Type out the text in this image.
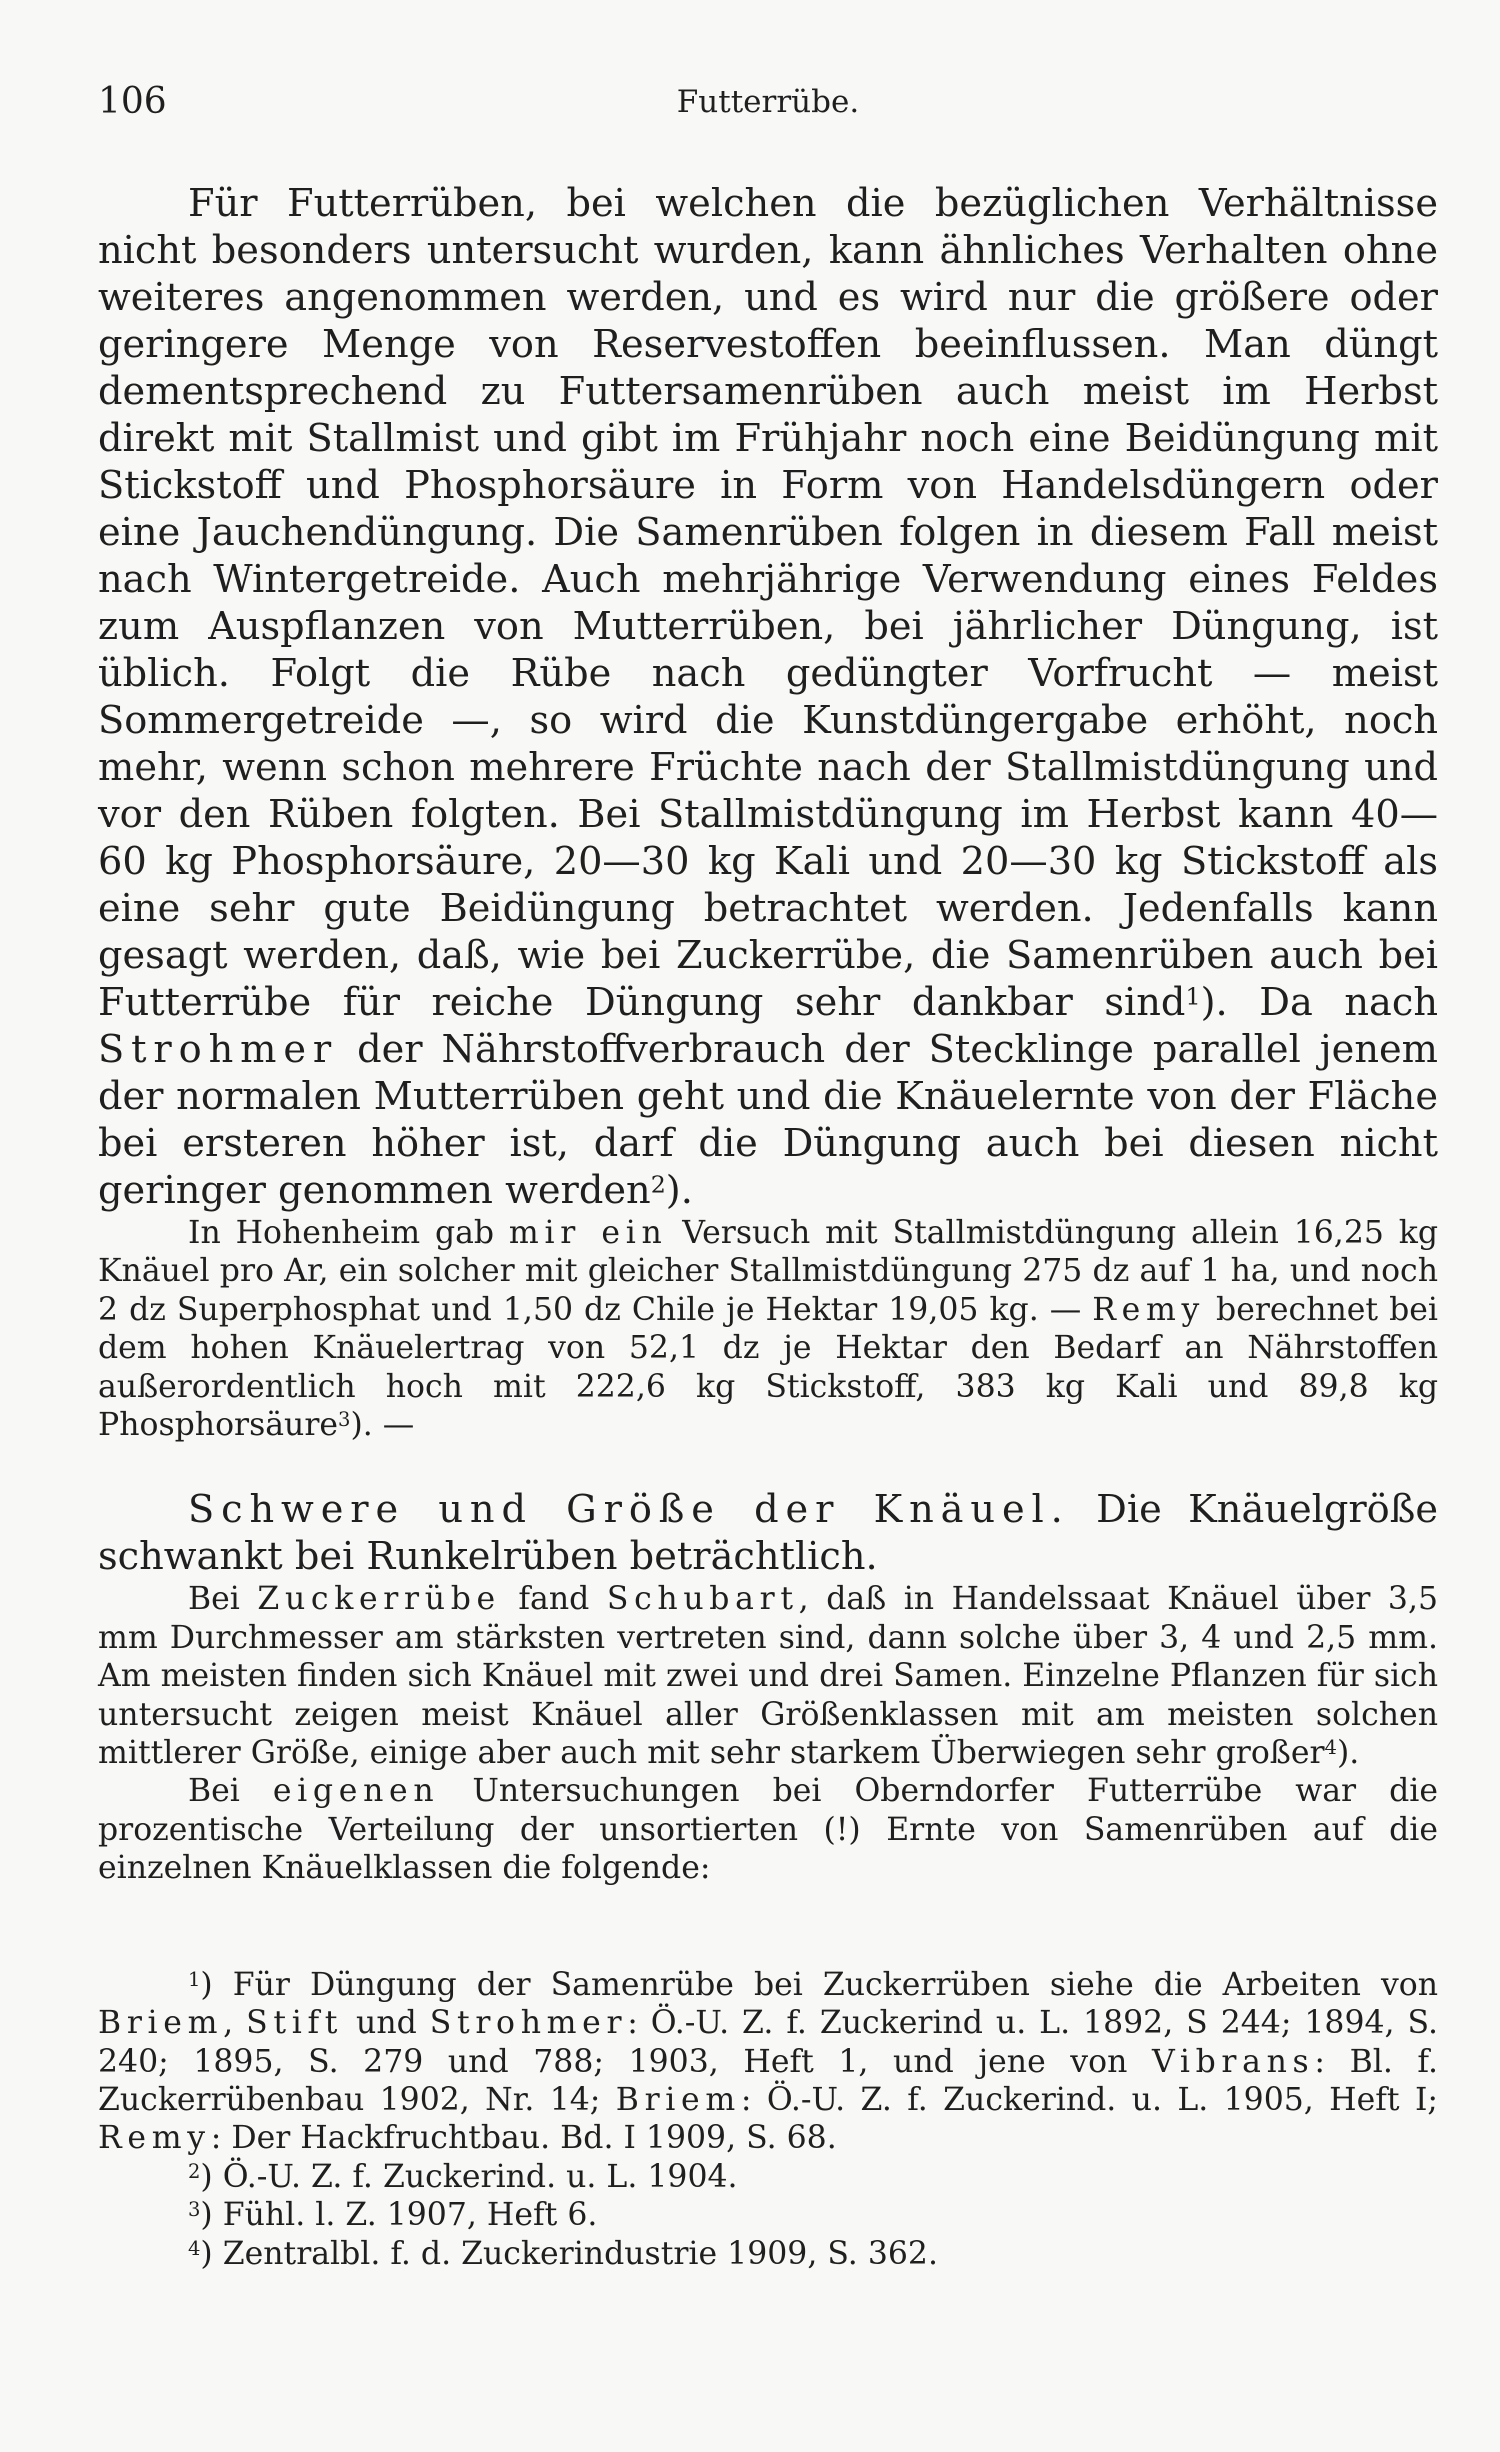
106	Futterrübe.

Für Futterrüben, bei welchen die bezüglichen Verhältnisse nicht besonders untersucht wurden, kann ähnliches Verhalten ohne weiteres angenommen werden, und es wird nur die größere oder geringere Menge von Reservestoffen beeinflussen. Man düngt dementsprechend zu Futtersamenrüben auch meist im Herbst direkt mit Stallmist und gibt im Frühjahr noch eine Beidüngung mit Stickstoff und Phosphorsäure in Form von Handelsdüngern oder eine Jauchendüngung. Die Samenrüben folgen in diesem Fall meist nach Wintergetreide. Auch mehrjährige Verwendung eines Feldes zum Auspflanzen von Mutterrüben, bei jährlicher Düngung, ist üblich. Folgt die Rübe nach gedüngter Vorfrucht — meist Sommergetreide —, so wird die Kunstdüngergabe erhöht, noch mehr, wenn schon mehrere Früchte nach der Stallmistdüngung und vor den Rüben folgten. Bei Stallmistdüngung im Herbst kann 40—60 kg Phosphorsäure, 20—30 kg Kali und 20—30 kg Stickstoff als eine sehr gute Beidüngung betrachtet werden. Jedenfalls kann gesagt werden, daß, wie bei Zuckerrübe, die Samenrüben auch bei Futterrübe für reiche Düngung sehr dankbar sind$^1$). Da nach Strohmer der Nährstoffverbrauch der Stecklinge parallel jenem der normalen Mutterrüben geht und die Knäuelernte von der Fläche bei ersteren höher ist, darf die Düngung auch bei diesen nicht geringer genommen werden$^2$).

In Hohenheim gab mir ein Versuch mit Stallmistdüngung allein 16,25 kg Knäuel pro Ar, ein solcher mit gleicher Stallmistdüngung 275 dz auf 1 ha, und noch 2 dz Superphosphat und 1,50 dz Chile je Hektar 19,05 kg. — Remy berechnet bei dem hohen Knäuelertrag von 52,1 dz je Hektar den Bedarf an Nährstoffen außerordentlich hoch mit 222,6 kg Stickstoff, 383 kg Kali und 89,8 kg Phosphorsäure$^3$). —

Schwere und Größe der Knäuel. Die Knäuelgröße schwankt bei Runkelrüben beträchtlich.

Bei Zuckerrübe fand Schubart, daß in Handelssaat Knäuel über 3,5 mm Durchmesser am stärksten vertreten sind, dann solche über 3, 4 und 2,5 mm. Am meisten finden sich Knäuel mit zwei und drei Samen. Einzelne Pflanzen für sich untersucht zeigen meist Knäuel aller Größenklassen mit am meisten solchen mittlerer Größe, einige aber auch mit sehr starkem Überwiegen sehr großer$^4$).

Bei eigenen Untersuchungen bei Oberndorfer Futterrübe war die prozentische Verteilung der unsortierten (!) Ernte von Samenrüben auf die einzelnen Knäuelklassen die folgende:

$^1$) Für Düngung der Samenrübe bei Zuckerrüben siehe die Arbeiten von Briem, Stift und Strohmer: Ö.-U. Z. f. Zuckerind u. L. 1892, S 244; 1894, S. 240; 1895, S. 279 und 788; 1903, Heft 1, und jene von Vibrans: Bl. f. Zuckerrübenbau 1902, Nr. 14; Briem: Ö.-U. Z. f. Zuckerind. u. L. 1905, Heft I; Remy: Der Hackfruchtbau. Bd. I 1909, S. 68.

$^2$) Ö.-U. Z. f. Zuckerind. u. L. 1904.

$^3$) Fühl. l. Z. 1907, Heft 6.

$^4$) Zentralbl. f. d. Zuckerindustrie 1909, S. 362.
